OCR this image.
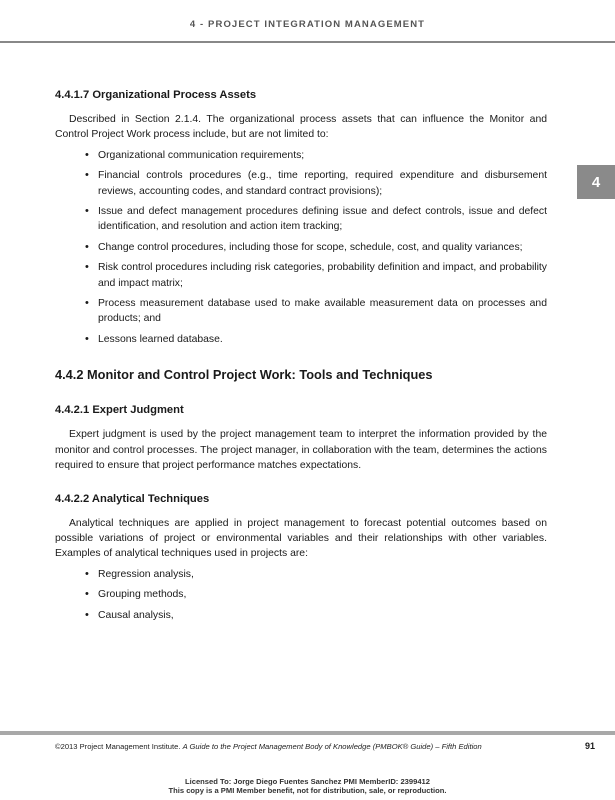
4 - PROJECT INTEGRATION MANAGEMENT
4
4.4.1.7 Organizational Process Assets

Described in Section 2.1.4. The organizational process assets that can influence the Monitor and Control Project Work process include, but are not limited to:

• Organizational communication requirements;
• Financial controls procedures (e.g., time reporting, required expenditure and disbursement reviews, accounting codes, and standard contract provisions);
• Issue and defect management procedures defining issue and defect controls, issue and defect identification, and resolution and action item tracking;
• Change control procedures, including those for scope, schedule, cost, and quality variances;
• Risk control procedures including risk categories, probability definition and impact, and probability and impact matrix;
• Process measurement database used to make available measurement data on processes and products; and
• Lessons learned database.
4.4.2 Monitor and Control Project Work: Tools and Techniques
4.4.2.1 Expert Judgment

Expert judgment is used by the project management team to interpret the information provided by the monitor and control processes. The project manager, in collaboration with the team, determines the actions required to ensure that project performance matches expectations.

4.4.2.2 Analytical Techniques

Analytical techniques are applied in project management to forecast potential outcomes based on possible variations of project or environmental variables and their relationships with other variables. Examples of analytical techniques used in projects are:

• Regression analysis,
• Grouping methods,
• Causal analysis,
©2013 Project Management Institute. A Guide to the Project Management Body of Knowledge (PMBOK® Guide) – Fifth Edition	91
Licensed To: Jorge Diego Fuentes Sanchez PMI MemberID: 2399412
This copy is a PMI Member benefit, not for distribution, sale, or reproduction.
